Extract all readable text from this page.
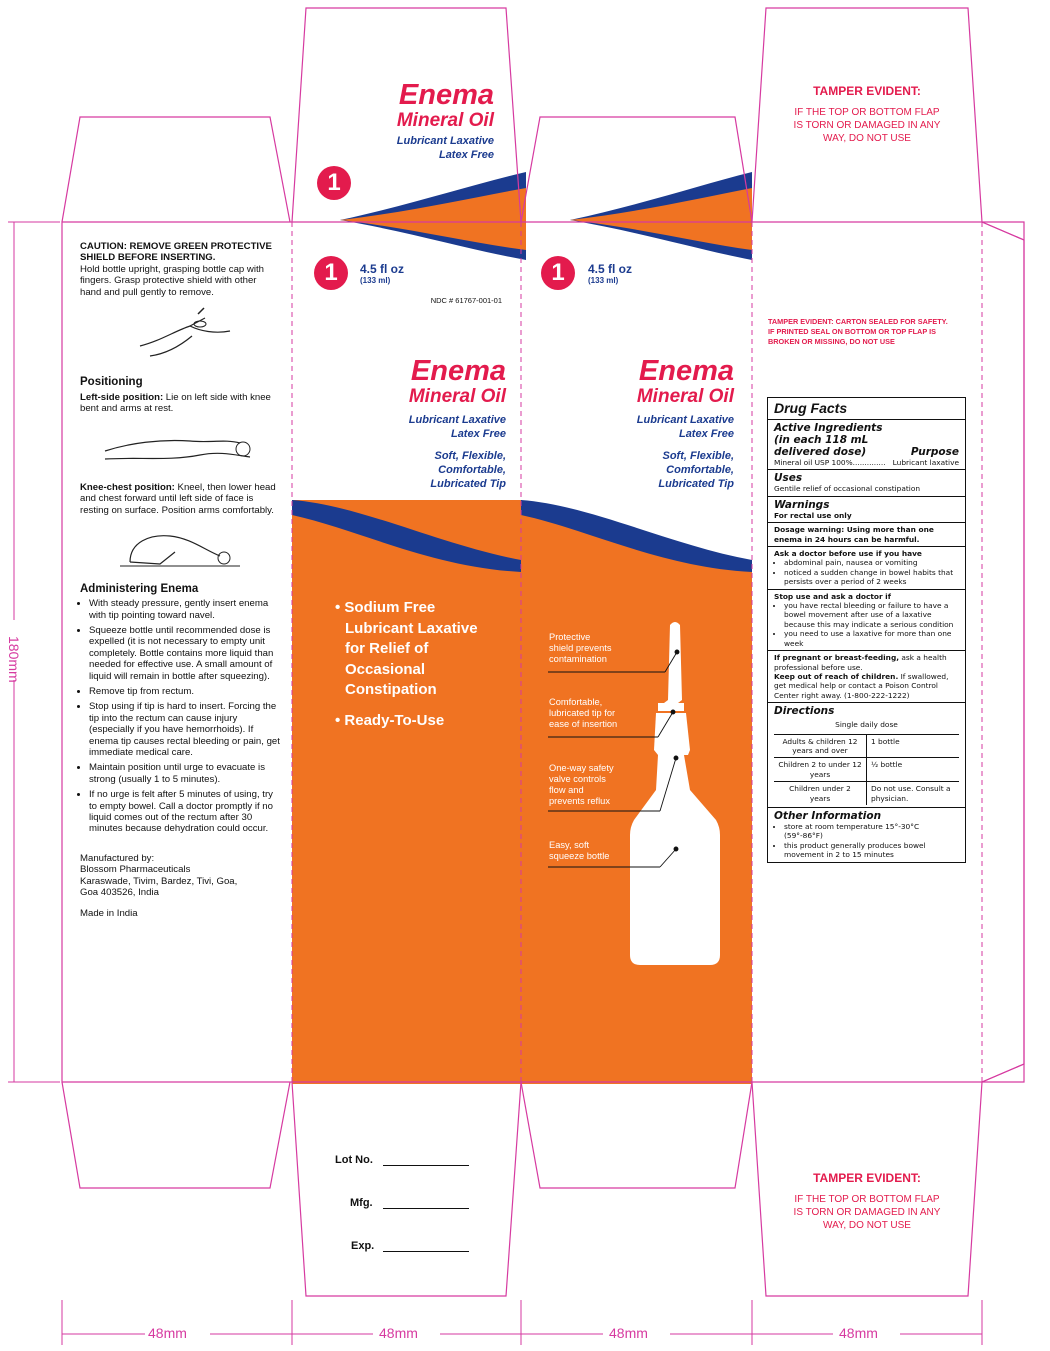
180mm
48mm	48mm	48mm	48mm
Enema
Mineral Oil
Lubricant Laxative
Latex Free
1
TAMPER EVIDENT:
IF THE TOP OR BOTTOM FLAP
IS TORN OR DAMAGED IN ANY
WAY, DO NOT USE

CAUTION: REMOVE GREEN PROTECTIVE SHIELD BEFORE INSERTING.

Hold bottle upright, grasping bottle cap with fingers. Grasp protective shield with other hand and pull gently to remove.

Positioning

Left-side position: Lie on left side with knee bent and arms at rest.

Knee-chest position: Kneel, then lower head and chest forward until left side of face is resting on surface. Position arms comfortably.

Administering Enema
• With steady pressure, gently insert enema with tip pointing toward navel.
• Squeeze bottle until recommended dose is expelled (it is not necessary to empty unit completely. Bottle contains more liquid than needed for effective use. A small amount of liquid will remain in bottle after squeezing).
• Remove tip from rectum.
• Stop using if tip is hard to insert. Forcing the tip into the rectum can cause injury (especially if you have hemorrhoids). If enema tip causes rectal bleeding or pain, get immediate medical care.
• Maintain position until urge to evacuate is strong (usually 1 to 5 minutes).
• If no urge is felt after 5 minutes of using, try to empty bowel. Call a doctor promptly if no liquid comes out of the rectum after 30 minutes because dehydration could occur.

Manufactured by:

Blossom Pharmaceuticals

Karaswade, Tivim, Bardez, Tivi, Goa,

Goa 403526, India

Made in India

1	4.5 fl oz
(133 ml)
NDC # 61767-001-01
Enema
Mineral Oil
Lubricant Laxative
Latex Free
Soft, Flexible,
Comfortable,
Lubricated Tip
• Sodium Free
Lubricant Laxative
for Relief of
Occasional
Constipation
• Ready-To-Use
Lot No.
Mfg.
Exp.
1	4.5 fl oz
(133 ml)
Enema
Mineral Oil
Lubricant Laxative
Latex Free
Soft, Flexible,
Comfortable,
Lubricated Tip
Protective
shield prevents
contamination
Comfortable,
lubricated tip for
ease of insertion
One-way safety
valve controls
flow and
prevents reflux
Easy, soft
squeeze bottle
TAMPER EVIDENT: CARTON SEALED FOR SAFETY.
IF PRINTED SEAL ON BOTTOM OR TOP FLAP IS
BROKEN OR MISSING, DO NOT USE
Drug Facts
Active Ingredients
(in each 118 mL
delivered dose)	Purpose
Mineral oil USP 100%.............. Lubricant laxative
Uses
Gentile relief of occasional constipation
Warnings
For rectal use only
Dosage warning: Using more than one enema in 24 hours can be harmful.
Ask a doctor before use if you have
• abdominal pain, nausea or vomiting
• noticed a sudden change in bowel habits that persists over a period of 2 weeks
Stop use and ask a doctor if
• you have rectal bleeding or failure to have a bowel movement after use of a laxative because this may indicate a serious condition
• you need to use a laxative for more than one week
If pregnant or breast-feeding, ask a health professional before use.
Keep out of reach of children. If swallowed, get medical help or contact a Poison Control Center right away. (1-800-222-1222)
Directions
Single daily dose
Adults & children 12 years and over	1 bottle
Children 2 to under 12 years	½ bottle
Children under 2 years	Do not use. Consult a physician.
Other Information
• store at room temperature 15°-30°C (59°-86°F)
• this product generally produces bowel movement in 2 to 15 minutes
TAMPER EVIDENT:
IF THE TOP OR BOTTOM FLAP
IS TORN OR DAMAGED IN ANY
WAY, DO NOT USE
